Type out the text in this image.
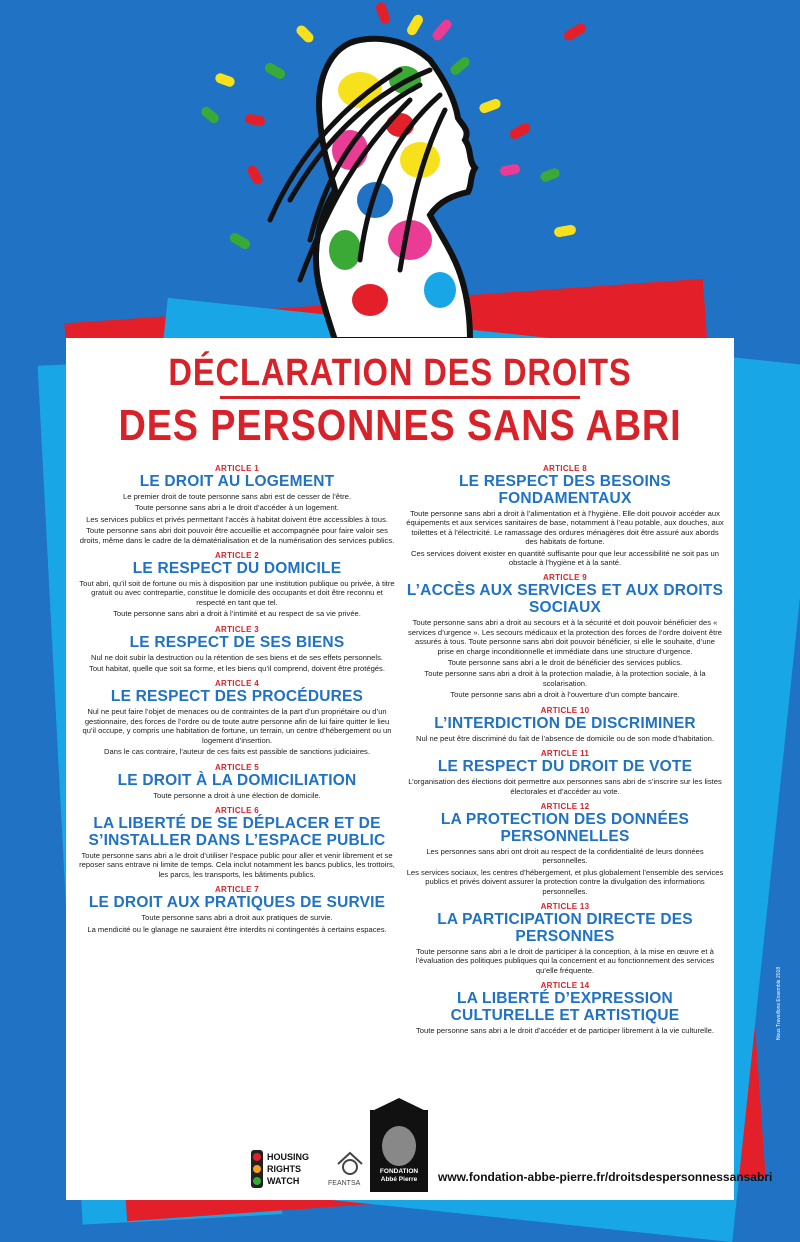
DÉCLARATION DES DROITS
DES PERSONNES SANS ABRI
ARTICLE 1
LE DROIT AU LOGEMENT
Le premier droit de toute personne sans abri est de cesser de l’être.
Toute personne sans abri a le droit d’accéder à un logement.
Les services publics et privés permettant l’accès à habitat doivent être accessibles à tous.
Toute personne sans abri doit pouvoir être accueillie et accompagnée pour faire valoir ses droits, même dans le cadre de la dématérialisation et de la numérisation des services publics.
ARTICLE 2
LE RESPECT DU DOMICILE
Tout abri, qu’il soit de fortune ou mis à disposition par une institution publique ou privée, à titre gratuit ou avec contrepartie, constitue le domicile des occupants et doit être reconnu et respecté en tant que tel.
Toute personne sans abri a droit à l’intimité et au respect de sa vie privée.
ARTICLE 3
LE RESPECT DE SES BIENS
Nul ne doit subir la destruction ou la rétention de ses biens et de ses effets personnels.
Tout habitat, quelle que soit sa forme, et les biens qu’il comprend, doivent être protégés.
ARTICLE 4
LE RESPECT DES PROCÉDURES
Nul ne peut faire l’objet de menaces ou de contraintes de la part d’un propriétaire ou d’un gestionnaire, des forces de l’ordre ou de toute autre personne afin de lui faire quitter le lieu qu’il occupe, y compris une habitation de fortune, un terrain, un centre d’hébergement ou un logement d’insertion.
Dans le cas contraire, l’auteur de ces faits est passible de sanctions judiciaires.
ARTICLE 5
LE DROIT À LA DOMICILIATION
Toute personne a droit à une élection de domicile.
ARTICLE 6
LA LIBERTÉ DE SE DÉPLACER ET DE S’INSTALLER DANS L’ESPACE PUBLIC
Toute personne sans abri a le droit d’utiliser l’espace public pour aller et venir librement et se reposer sans entrave ni limite de temps. Cela inclut notamment les bancs publics, les trottoirs, les parcs, les transports, les bâtiments publics.
ARTICLE 7
LE DROIT AUX PRATIQUES DE SURVIE
Toute personne sans abri a droit aux pratiques de survie.
La mendicité ou le glanage ne sauraient être interdits ni contingentés à certains espaces.
ARTICLE 8
LE RESPECT DES BESOINS FONDAMENTAUX
Toute personne sans abri a droit à l’alimentation et à l’hygiène. Elle doit pouvoir accéder aux équipements et aux services sanitaires de base, notamment à l’eau potable, aux douches, aux toilettes et à l’électricité. Le ramassage des ordures ménagères doit être assuré aux abords des habitats de fortune.
Ces services doivent exister en quantité suffisante pour que leur accessibilité ne soit pas un obstacle à l’hygiène et à la santé.
ARTICLE 9
L’ACCÈS AUX SERVICES ET AUX DROITS SOCIAUX
Toute personne sans abri a droit au secours et à la sécurité et doit pouvoir bénéficier des « services d’urgence ». Les secours médicaux et la protection des forces de l’ordre doivent être assurés à tous. Toute personne sans abri doit pouvoir bénéficier, si elle le souhaite, d’une prise en charge inconditionnelle et immédiate dans une structure d’urgence.
Toute personne sans abri a le droit de bénéficier des services publics.
Toute personne sans abri a droit à la protection maladie, à la protection sociale, à la scolarisation.
Toute personne sans abri a droit à l’ouverture d’un compte bancaire.
ARTICLE 10
L’INTERDICTION DE DISCRIMINER
Nul ne peut être discriminé du fait de l’absence de domicile ou de son mode d’habitation.
ARTICLE 11
LE RESPECT DU DROIT DE VOTE
L’organisation des élections doit permettre aux personnes sans abri de s’inscrire sur les listes électorales et d’accéder au vote.
ARTICLE 12
LA PROTECTION DES DONNÉES PERSONNELLES
Les personnes sans abri ont droit au respect de la confidentialité de leurs données personnelles.
Les services sociaux, les centres d’hébergement, et plus globalement l’ensemble des services publics et privés doivent assurer la protection contre la divulgation des informations personnelles.
ARTICLE 13
LA PARTICIPATION DIRECTE DES PERSONNES
Toute personne sans abri a le droit de participer à la conception, à la mise en œuvre et à l’évaluation des politiques publiques qui la concernent et au fonctionnement des services qu’elle fréquente.
ARTICLE 14
LA LIBERTÉ D’EXPRESSION CULTURELLE ET ARTISTIQUE
Toute personne sans abri a le droit d’accéder et de participer librement à la vie culturelle.
HOUSING
RIGHTS
WATCH	FEANTSA
FONDATION
Abbé Pierre	www.fondation-abbe-pierre.fr/droitsdespersonnessansabri
Nous Travaillons Ensemble 2018
